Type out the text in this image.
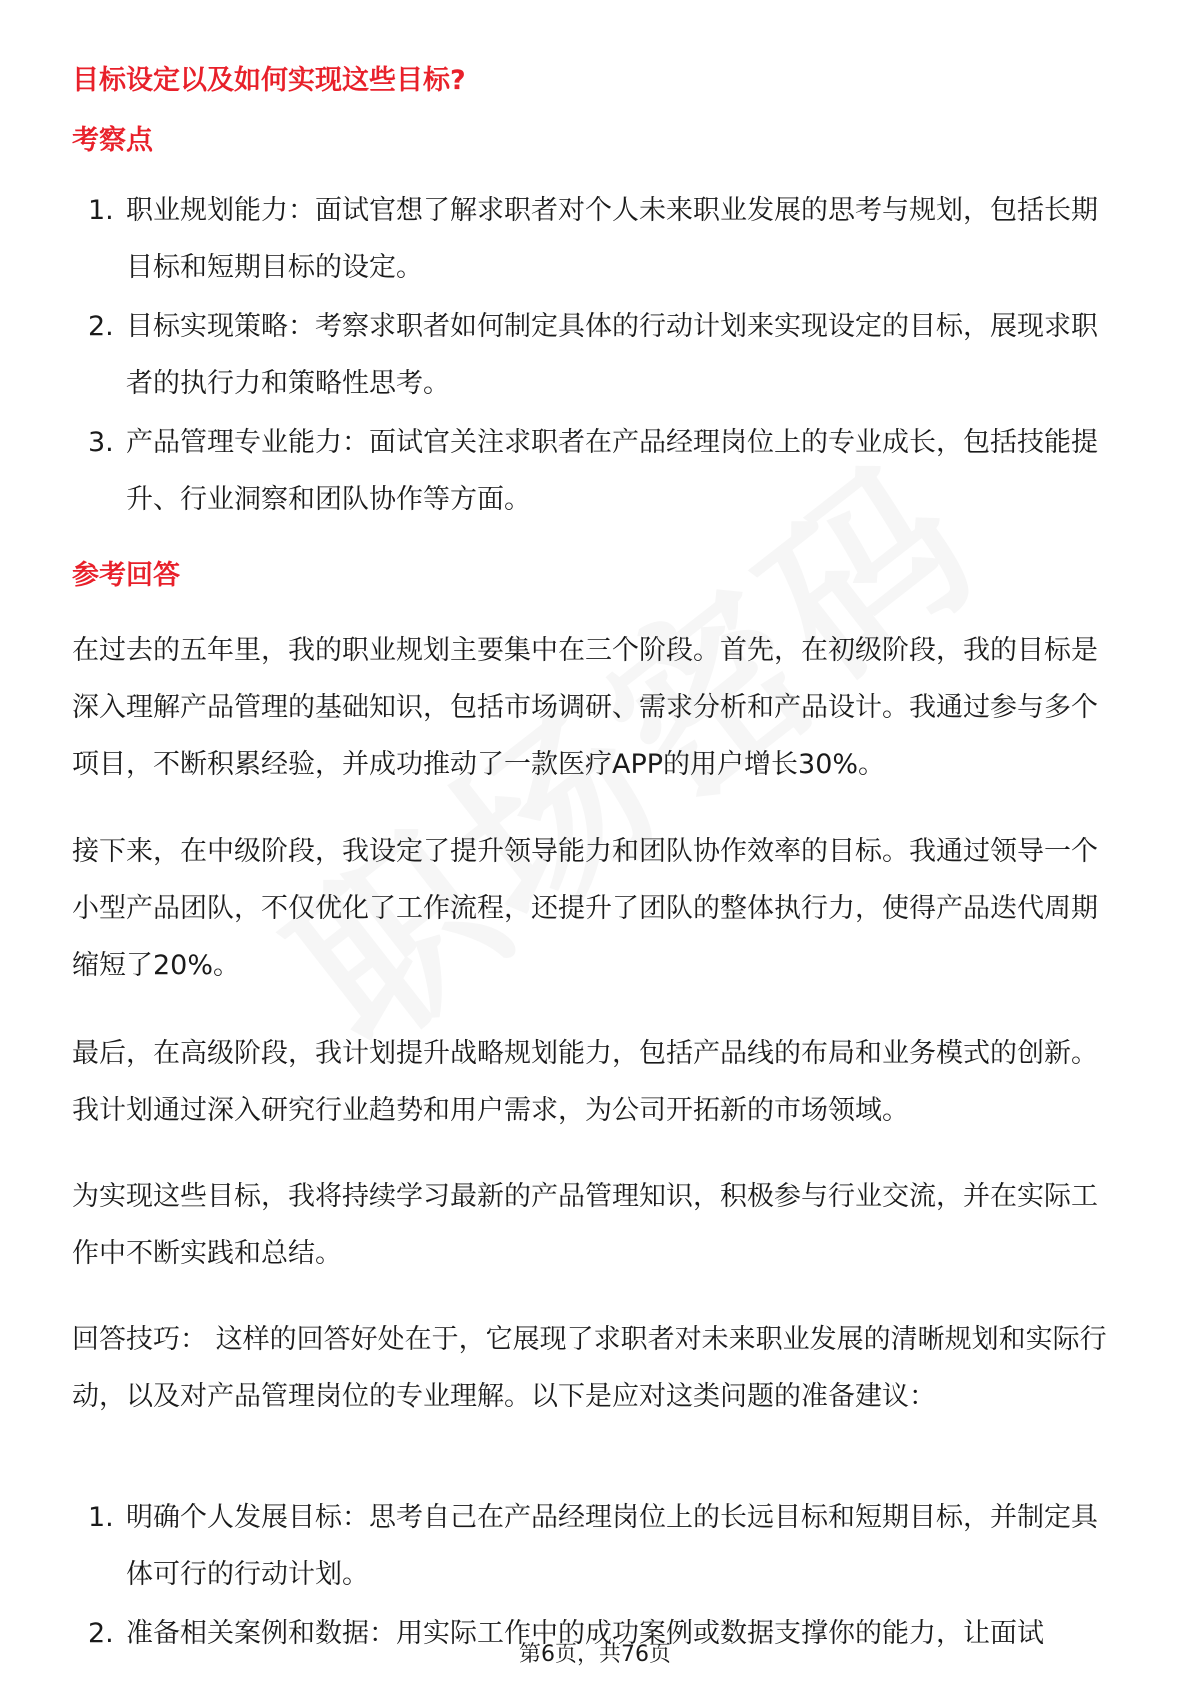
目标设定以及如何实现这些目标?
考察点
1. 职业规划能力：面试官想了解求职者对个人未来职业发展的思考与规划，包括长期目标和短期目标的设定。
2. 目标实现策略：考察求职者如何制定具体的行动计划来实现设定的目标，展现求职者的执行力和策略性思考。
3. 产品管理专业能力：面试官关注求职者在产品经理岗位上的专业成长，包括技能提升、行业洞察和团队协作等方面。
参考回答

在过去的五年里，我的职业规划主要集中在三个阶段。首先，在初级阶段，我的目标是深入理解产品管理的基础知识，包括市场调研、需求分析和产品设计。我通过参与多个项目，不断积累经验，并成功推动了一款医疗APP的用户增长30%。

接下来，在中级阶段，我设定了提升领导能力和团队协作效率的目标。我通过领导一个小型产品团队，不仅优化了工作流程，还提升了团队的整体执行力，使得产品迭代周期缩短了20%。

最后，在高级阶段，我计划提升战略规划能力，包括产品线的布局和业务模式的创新。我计划通过深入研究行业趋势和用户需求，为公司开拓新的市场领域。

为实现这些目标，我将持续学习最新的产品管理知识，积极参与行业交流，并在实际工作中不断实践和总结。

回答技巧： 这样的回答好处在于，它展现了求职者对未来职业发展的清晰规划和实际行动，以及对产品管理岗位的专业理解。以下是应对这类问题的准备建议：

1. 明确个人发展目标：思考自己在产品经理岗位上的长远目标和短期目标，并制定具体可行的行动计划。
2. 准备相关案例和数据：用实际工作中的成功案例或数据支撑你的能力，让面试
第6页，共76页
